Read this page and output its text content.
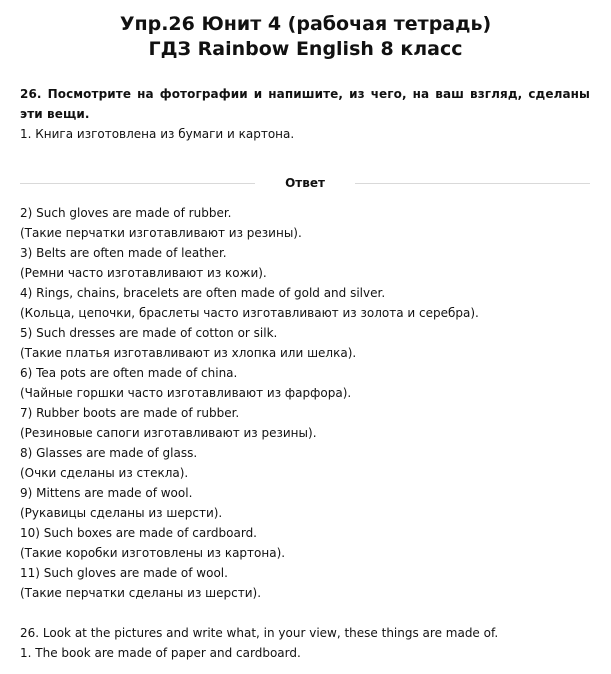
Упр.26 Юнит 4 (рабочая тетрадь)
ГДЗ Rainbow English 8 класс

26. Посмотрите на фотографии и напишите, из чего, на ваш взгляд, сделаны эти вещи.

1. Книга изготовлена из бумаги и картона.

Ответ

2) Such gloves are made of rubber.

(Такие перчатки изготавливают из резины).

3) Belts are often made of leather.

(Ремни часто изготавливают из кожи).

4) Rings, chains, bracelets are often made of gold and silver.

(Кольца, цепочки, браслеты часто изготавливают из золота и серебра).

5) Such dresses are made of cotton or silk.

(Такие платья изготавливают из хлопка или шелка).

6) Tea pots are often made of china.

(Чайные горшки часто изготавливают из фарфора).

7) Rubber boots are made of rubber.

(Резиновые сапоги изготавливают из резины).

8) Glasses are made of glass.

(Очки сделаны из стекла).

9) Mittens are made of wool.

(Рукавицы сделаны из шерсти).

10) Such boxes are made of cardboard.

(Такие коробки изготовлены из картона).

11) Such gloves are made of wool.

(Такие перчатки сделаны из шерсти).

26. Look at the pictures and write what, in your view, these things are made of.

1. The book are made of paper and cardboard.
